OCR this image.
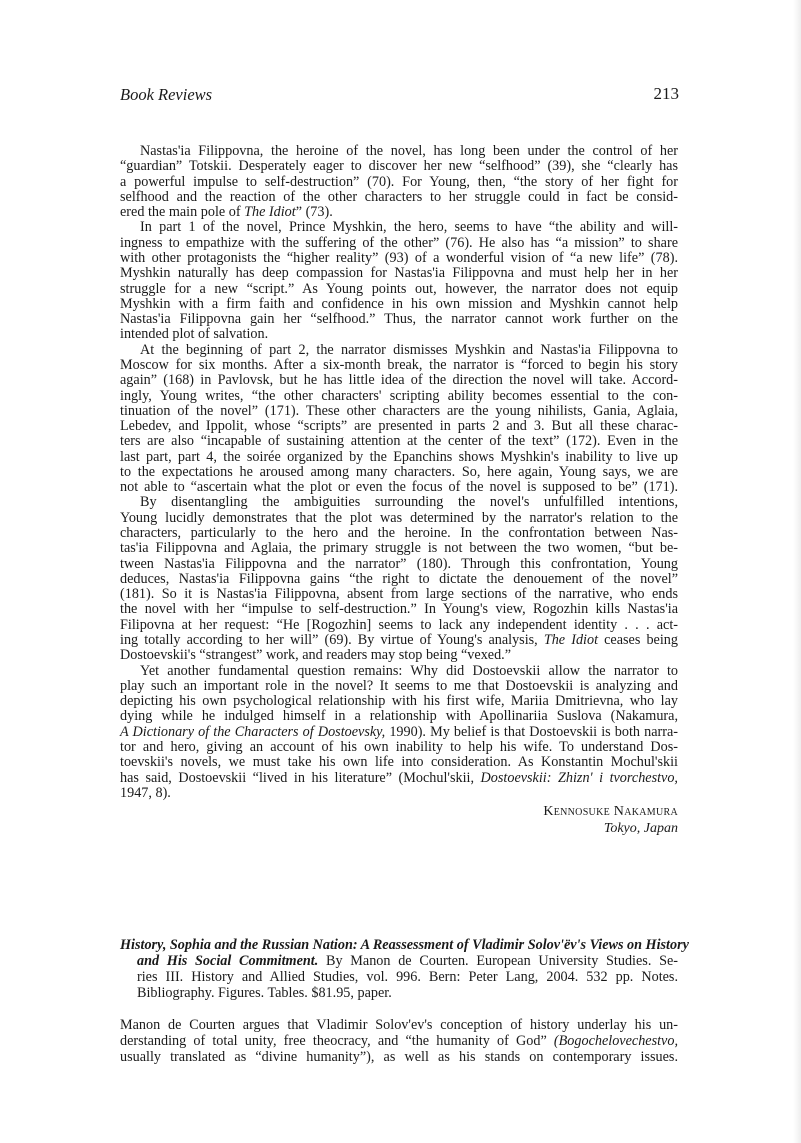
Book Reviews	213
Nastas'ia Filippovna, the heroine of the novel, has long been under the control of her
“guardian” Totskii. Desperately eager to discover her new “selfhood” (39), she “clearly has
a powerful impulse to self-destruction” (70). For Young, then, “the story of her fight for
selfhood and the reaction of the other characters to her struggle could in fact be consid-
ered the main pole of The Idiot” (73).
In part 1 of the novel, Prince Myshkin, the hero, seems to have “the ability and will-
ingness to empathize with the suffering of the other” (76). He also has “a mission” to share
with other protagonists the “higher reality” (93) of a wonderful vision of “a new life” (78).
Myshkin naturally has deep compassion for Nastas'ia Filippovna and must help her in her
struggle for a new “script.” As Young points out, however, the narrator does not equip
Myshkin with a firm faith and confidence in his own mission and Myshkin cannot help
Nastas'ia Filippovna gain her “selfhood.” Thus, the narrator cannot work further on the
intended plot of salvation.
At the beginning of part 2, the narrator dismisses Myshkin and Nastas'ia Filippovna to
Moscow for six months. After a six-month break, the narrator is “forced to begin his story
again” (168) in Pavlovsk, but he has little idea of the direction the novel will take. Accord-
ingly, Young writes, “the other characters' scripting ability becomes essential to the con-
tinuation of the novel” (171). These other characters are the young nihilists, Gania, Aglaia,
Lebedev, and Ippolit, whose “scripts” are presented in parts 2 and 3. But all these charac-
ters are also “incapable of sustaining attention at the center of the text” (172). Even in the
last part, part 4, the soirée organized by the Epanchins shows Myshkin's inability to live up
to the expectations he aroused among many characters. So, here again, Young says, we are
not able to “ascertain what the plot or even the focus of the novel is supposed to be” (171).
By disentangling the ambiguities surrounding the novel's unfulfilled intentions,
Young lucidly demonstrates that the plot was determined by the narrator's relation to the
characters, particularly to the hero and the heroine. In the confrontation between Nas-
tas'ia Filippovna and Aglaia, the primary struggle is not between the two women, “but be-
tween Nastas'ia Filippovna and the narrator” (180). Through this confrontation, Young
deduces, Nastas'ia Filippovna gains “the right to dictate the denouement of the novel”
(181). So it is Nastas'ia Filippovna, absent from large sections of the narrative, who ends
the novel with her “impulse to self-destruction.” In Young's view, Rogozhin kills Nastas'ia
Filipovna at her request: “He [Rogozhin] seems to lack any independent identity . . . act-
ing totally according to her will” (69). By virtue of Young's analysis, The Idiot ceases being
Dostoevskii's “strangest” work, and readers may stop being “vexed.”
Yet another fundamental question remains: Why did Dostoevskii allow the narrator to
play such an important role in the novel? It seems to me that Dostoevskii is analyzing and
depicting his own psychological relationship with his first wife, Mariia Dmitrievna, who lay
dying while he indulged himself in a relationship with Apollinariia Suslova (Nakamura,
A Dictionary of the Characters of Dostoevsky, 1990). My belief is that Dostoevskii is both narra-
tor and hero, giving an account of his own inability to help his wife. To understand Dos-
toevskii's novels, we must take his own life into consideration. As Konstantin Mochul'skii
has said, Dostoevskii “lived in his literature” (Mochul'skii, Dostoevskii: Zhizn' i tvorchestvo,
1947, 8).
Kennosuke Nakamura
Tokyo, Japan
History, Sophia and the Russian Nation: A Reassessment of Vladimir Solov'ëv's Views on History
and His Social Commitment. By Manon de Courten. European University Studies. Se-
ries III. History and Allied Studies, vol. 996. Bern: Peter Lang, 2004. 532 pp. Notes.
Bibliography. Figures. Tables. $81.95, paper.
Manon de Courten argues that Vladimir Solov'ev's conception of history underlay his un-
derstanding of total unity, free theocracy, and “the humanity of God” (Bogochelovechestvo,
usually translated as “divine humanity”), as well as his stands on contemporary issues.
